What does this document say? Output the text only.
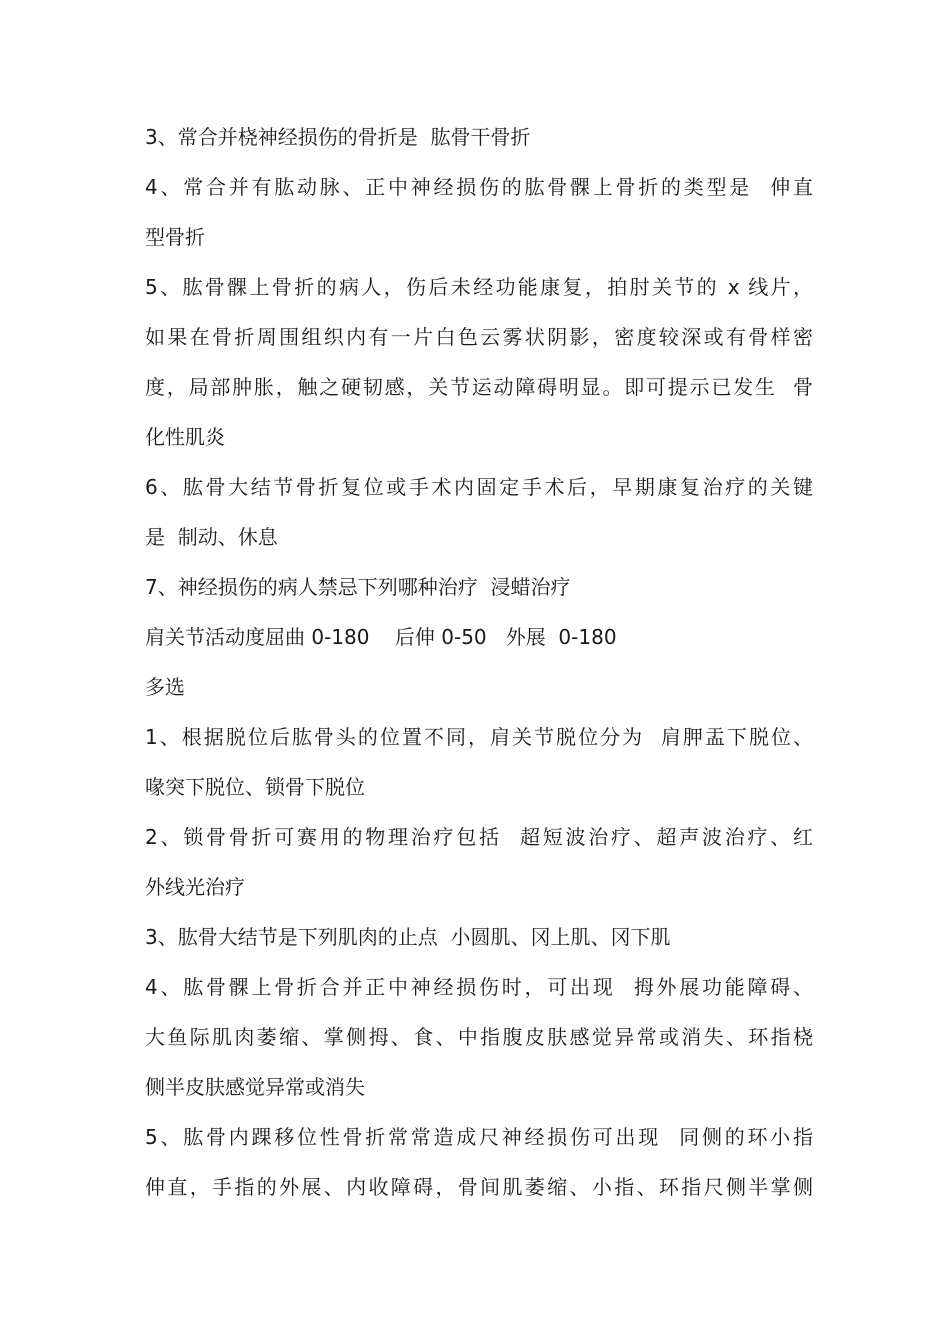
3、常合并桡神经损伤的骨折是  肱骨干骨折
4、常合并有肱动脉、正中神经损伤的肱骨髁上骨折的类型是  伸直
型骨折
5、肱骨髁上骨折的病人，伤后未经功能康复，拍肘关节的 x 线片，
如果在骨折周围组织内有一片白色云雾状阴影，密度较深或有骨样密
度，局部肿胀，触之硬韧感，关节运动障碍明显。即可提示已发生  骨
化性肌炎
6、肱骨大结节骨折复位或手术内固定手术后，早期康复治疗的关键
是  制动、休息
7、神经损伤的病人禁忌下列哪种治疗  浸蜡治疗
肩关节活动度屈曲 0-180    后伸 0-50   外展  0-180
多选
1、根据脱位后肱骨头的位置不同，肩关节脱位分为  肩胛盂下脱位、
喙突下脱位、锁骨下脱位
2、锁骨骨折可赛用的物理治疗包括  超短波治疗、超声波治疗、红
外线光治疗
3、肱骨大结节是下列肌肉的止点  小圆肌、冈上肌、冈下肌
4、肱骨髁上骨折合并正中神经损伤时，可出现  拇外展功能障碍、
大鱼际肌肉萎缩、掌侧拇、食、中指腹皮肤感觉异常或消失、环指桡
侧半皮肤感觉异常或消失
5、肱骨内踝移位性骨折常常造成尺神经损伤可出现  同侧的环小指
伸直，手指的外展、内收障碍，骨间肌萎缩、小指、环指尺侧半掌侧
